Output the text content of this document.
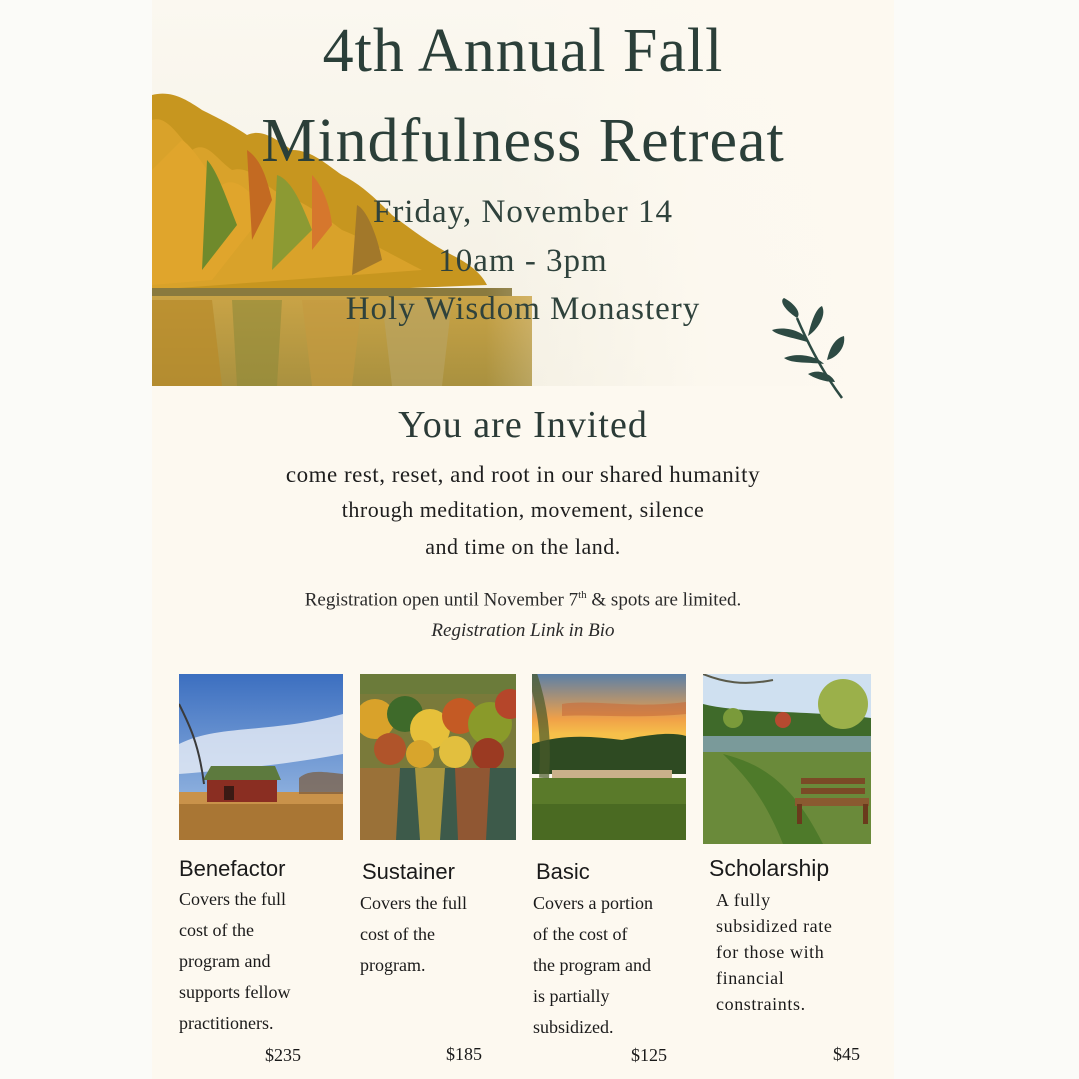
4th Annual Fall
Mindfulness Retreat
Friday, November 14
10am - 3pm
Holy Wisdom Monastery
You are Invited
come rest, reset, and root in our shared humanity
through meditation, movement, silence
and time on the land.
Registration open until November 7th & spots are limited.
Registration Link in Bio
Benefactor
Covers the full
cost of the
program and
supports fellow
practitioners.
$235
Sustainer
Covers the full
cost of the
program.
$185
Basic
Covers a portion
of the cost of
the program and
is partially
subsidized.
$125
Scholarship
A fully
subsidized rate
for those with
financial
constraints.
$45
